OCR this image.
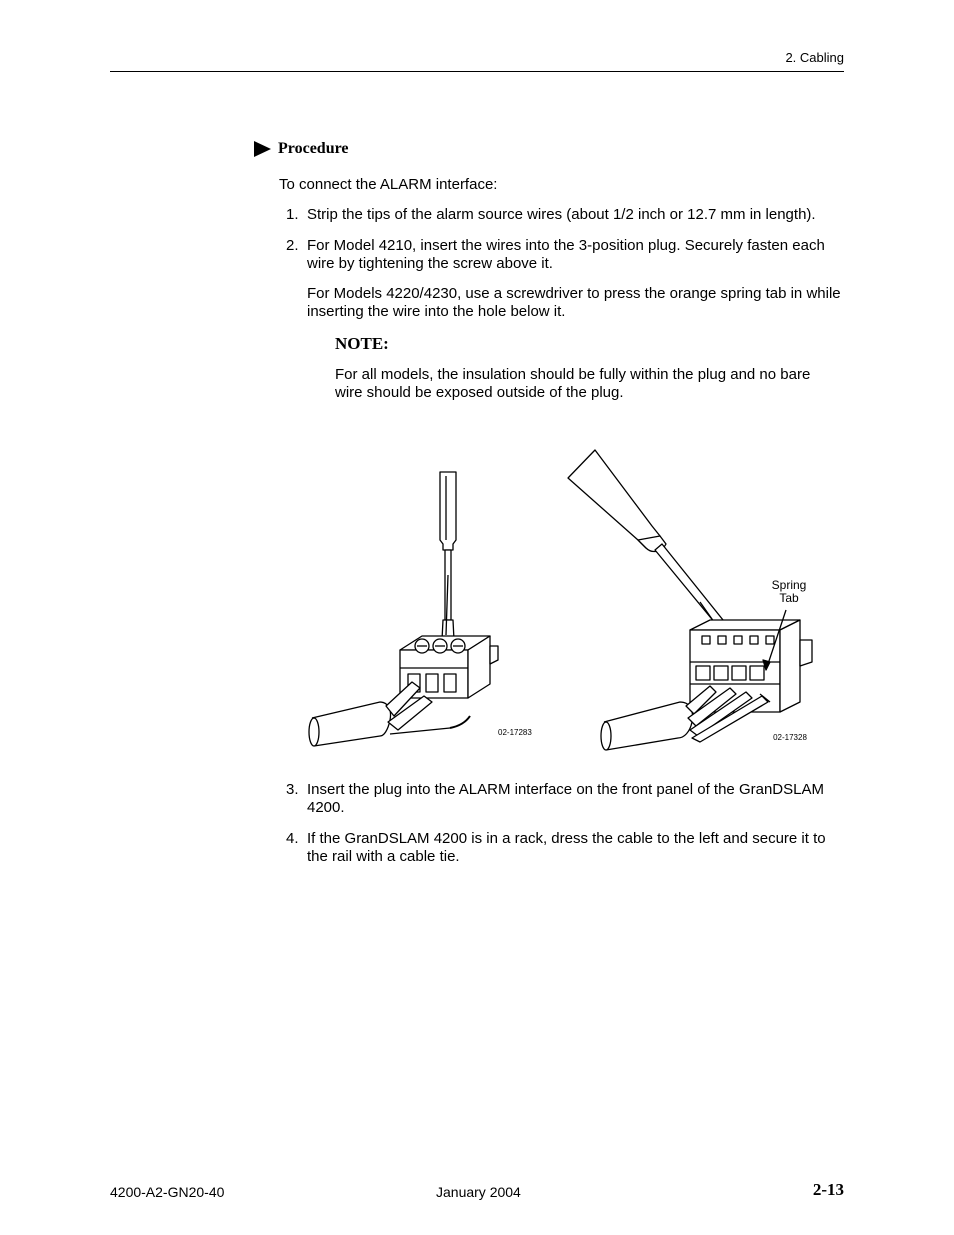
2. Cabling
Procedure
To connect the ALARM interface:
1. Strip the tips of the alarm source wires (about 1/2 inch or 12.7 mm in length).
2. For Model 4210, insert the wires into the 3-position plug. Securely fasten each wire by tightening the screw above it.
For Models 4220/4230, use a screwdriver to press the orange spring tab in while inserting the wire into the hole below it.
NOTE:
For all models, the insulation should be fully within the plug and no bare wire should be exposed outside of the plug.
02-17283
02-17328
Spring
Tab
3. Insert the plug into the ALARM interface on the front panel of the GranDSLAM 4200.
4. If the GranDSLAM 4200 is in a rack, dress the cable to the left and secure it to the rail with a cable tie.
4200-A2-GN20-40	January 2004	2-13
